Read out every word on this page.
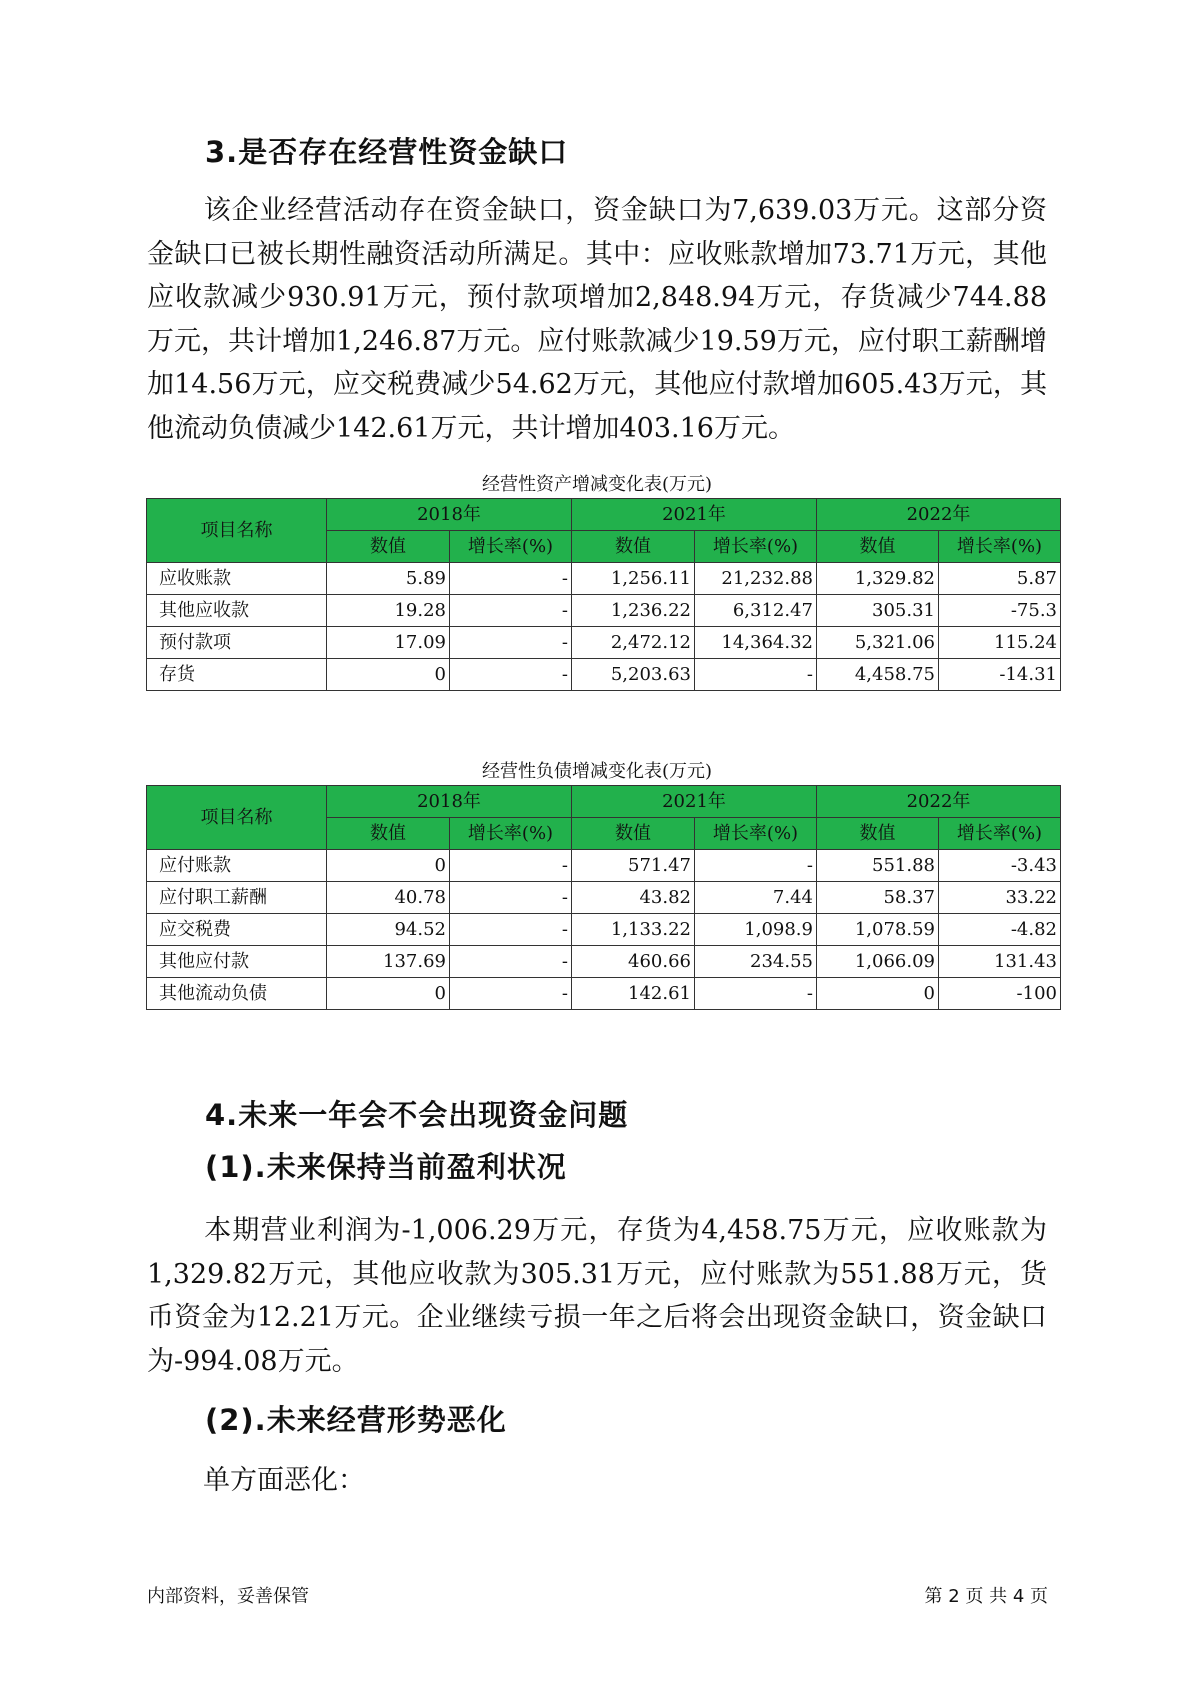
3.是否存在经营性资金缺口

该企业经营活动存在资金缺口，资金缺口为7,639.03万元。这部分资金缺口已被长期性融资活动所满足。其中：应收账款增加73.71万元，其他应收款减少930.91万元，预付款项增加2,848.94万元，存货减少744.88万元，共计增加1,246.87万元。应付账款减少19.59万元，应付职工薪酬增加14.56万元，应交税费减少54.62万元，其他应付款增加605.43万元，其他流动负债减少142.61万元，共计增加403.16万元。

经营性资产增减变化表(万元)
项目名称	2018年		2021年		2022年	
	数值	增长率(%)	数值	增长率(%)	数值	增长率(%)
应收账款	5.89	-	1,256.11	21,232.88	1,329.82	5.87
其他应收款	19.28	-	1,236.22	6,312.47	305.31	-75.3
预付款项	17.09	-	2,472.12	14,364.32	5,321.06	115.24
存货	0	-	5,203.63	-	4,458.75	-14.31
经营性负债增减变化表(万元)
项目名称	2018年		2021年		2022年	
	数值	增长率(%)	数值	增长率(%)	数值	增长率(%)
应付账款	0	-	571.47	-	551.88	-3.43
应付职工薪酬	40.78	-	43.82	7.44	58.37	33.22
应交税费	94.52	-	1,133.22	1,098.9	1,078.59	-4.82
其他应付款	137.69	-	460.66	234.55	1,066.09	131.43
其他流动负债	0	-	142.61	-	0	-100
4.未来一年会不会出现资金问题
(1).未来保持当前盈利状况

本期营业利润为-1,006.29万元，存货为4,458.75万元，应收账款为1,329.82万元，其他应收款为305.31万元，应付账款为551.88万元，货币资金为12.21万元。企业继续亏损一年之后将会出现资金缺口，资金缺口为-994.08万元。

(2).未来经营形势恶化

单方面恶化：

内部资料，妥善保管	第 2 页 共 4 页
